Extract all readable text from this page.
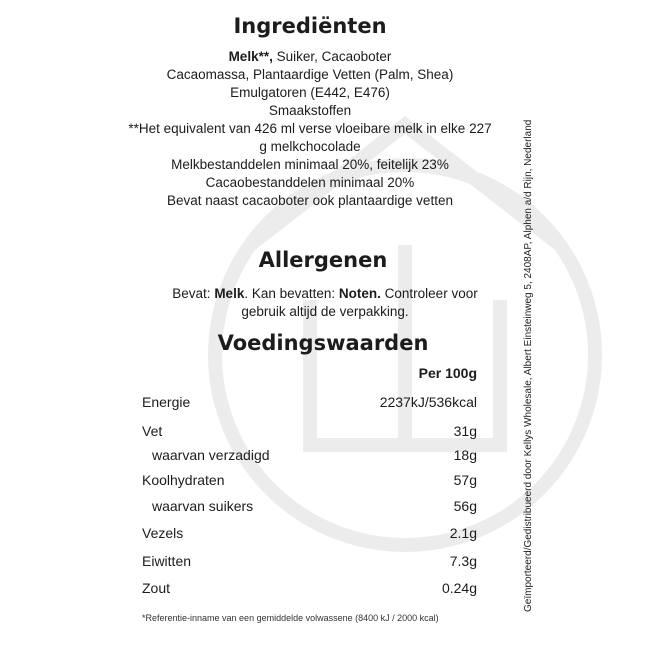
Ingrediënten
Melk**, Suiker, Cacaoboter
Cacaomassa, Plantaardige Vetten (Palm, Shea)
Emulgatoren (E442, E476)
Smaakstoffen
**Het equivalent van 426 ml verse vloeibare melk in elke 227
g melkchocolade
Melkbestanddelen minimaal 20%, feitelijk 23%
Cacaobestanddelen minimaal 20%
Bevat naast cacaoboter ook plantaardige vetten
Allergenen
Bevat: Melk. Kan bevatten: Noten. Controleer voor
gebruik altijd de verpakking.
Voedingswaarden
Per 100g
Energie	2237kJ/536kcal
Vet	31g
waarvan verzadigd	18g
Koolhydraten	57g
waarvan suikers	56g
Vezels	2.1g
Eiwitten	7.3g
Zout	0.24g
*Referentie-inname van een gemiddelde volwassene (8400 kJ / 2000 kcal)
Geïmporteerd/Gedistribueerd door Kellys Wholesale, Albert Einsteinweg 5, 2408AP, Alphen a/d Rijn, Nederland
